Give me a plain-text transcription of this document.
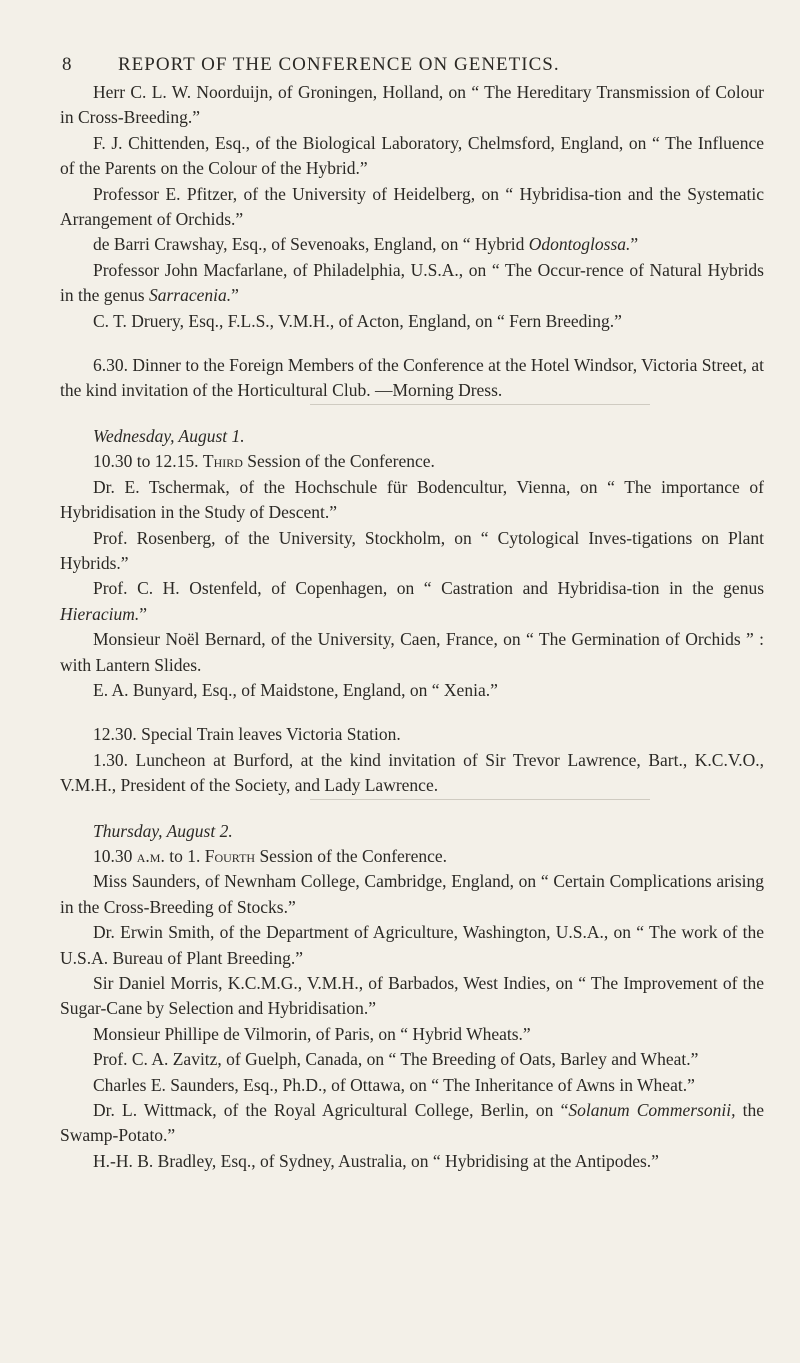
8 REPORT OF THE CONFERENCE ON GENETICS.

Herr C. L. W. Noorduijn, of Groningen, Holland, on “ The Hereditary Transmission of Colour in Cross-Breeding.”

F. J. Chittenden, Esq., of the Biological Laboratory, Chelmsford, England, on “ The Influence of the Parents on the Colour of the Hybrid.”

Professor E. Pfitzer, of the University of Heidelberg, on “ Hybridisa-tion and the Systematic Arrangement of Orchids.”

de Barri Crawshay, Esq., of Sevenoaks, England, on “ Hybrid Odontoglossa.”

Professor John Macfarlane, of Philadelphia, U.S.A., on “ The Occur-rence of Natural Hybrids in the genus Sarracenia.”

C. T. Druery, Esq., F.L.S., V.M.H., of Acton, England, on “ Fern Breeding.”

6.30. Dinner to the Foreign Members of the Conference at the Hotel Windsor, Victoria Street, at the kind invitation of the Horticultural Club. —Morning Dress.

Wednesday, August 1.

10.30 to 12.15. Third Session of the Conference.

Dr. E. Tschermak, of the Hochschule für Bodencultur, Vienna, on “ The importance of Hybridisation in the Study of Descent.”

Prof. Rosenberg, of the University, Stockholm, on “ Cytological Inves-tigations on Plant Hybrids.”

Prof. C. H. Ostenfeld, of Copenhagen, on “ Castration and Hybridisa-tion in the genus Hieracium.”

Monsieur Noël Bernard, of the University, Caen, France, on “ The Germination of Orchids ” : with Lantern Slides.

E. A. Bunyard, Esq., of Maidstone, England, on “ Xenia.”

12.30. Special Train leaves Victoria Station.

1.30. Luncheon at Burford, at the kind invitation of Sir Trevor Lawrence, Bart., K.C.V.O., V.M.H., President of the Society, and Lady Lawrence.

Thursday, August 2.

10.30 a.m. to 1. Fourth Session of the Conference.

Miss Saunders, of Newnham College, Cambridge, England, on “ Certain Complications arising in the Cross-Breeding of Stocks.”

Dr. Erwin Smith, of the Department of Agriculture, Washington, U.S.A., on “ The work of the U.S.A. Bureau of Plant Breeding.”

Sir Daniel Morris, K.C.M.G., V.M.H., of Barbados, West Indies, on “ The Improvement of the Sugar-Cane by Selection and Hybridisation.”

Monsieur Phillipe de Vilmorin, of Paris, on “ Hybrid Wheats.”

Prof. C. A. Zavitz, of Guelph, Canada, on “ The Breeding of Oats, Barley and Wheat.”

Charles E. Saunders, Esq., Ph.D., of Ottawa, on “ The Inheritance of Awns in Wheat.”

Dr. L. Wittmack, of the Royal Agricultural College, Berlin, on “Solanum Commersonii, the Swamp-Potato.”

H.-H. B. Bradley, Esq., of Sydney, Australia, on “ Hybridising at the Antipodes.”
